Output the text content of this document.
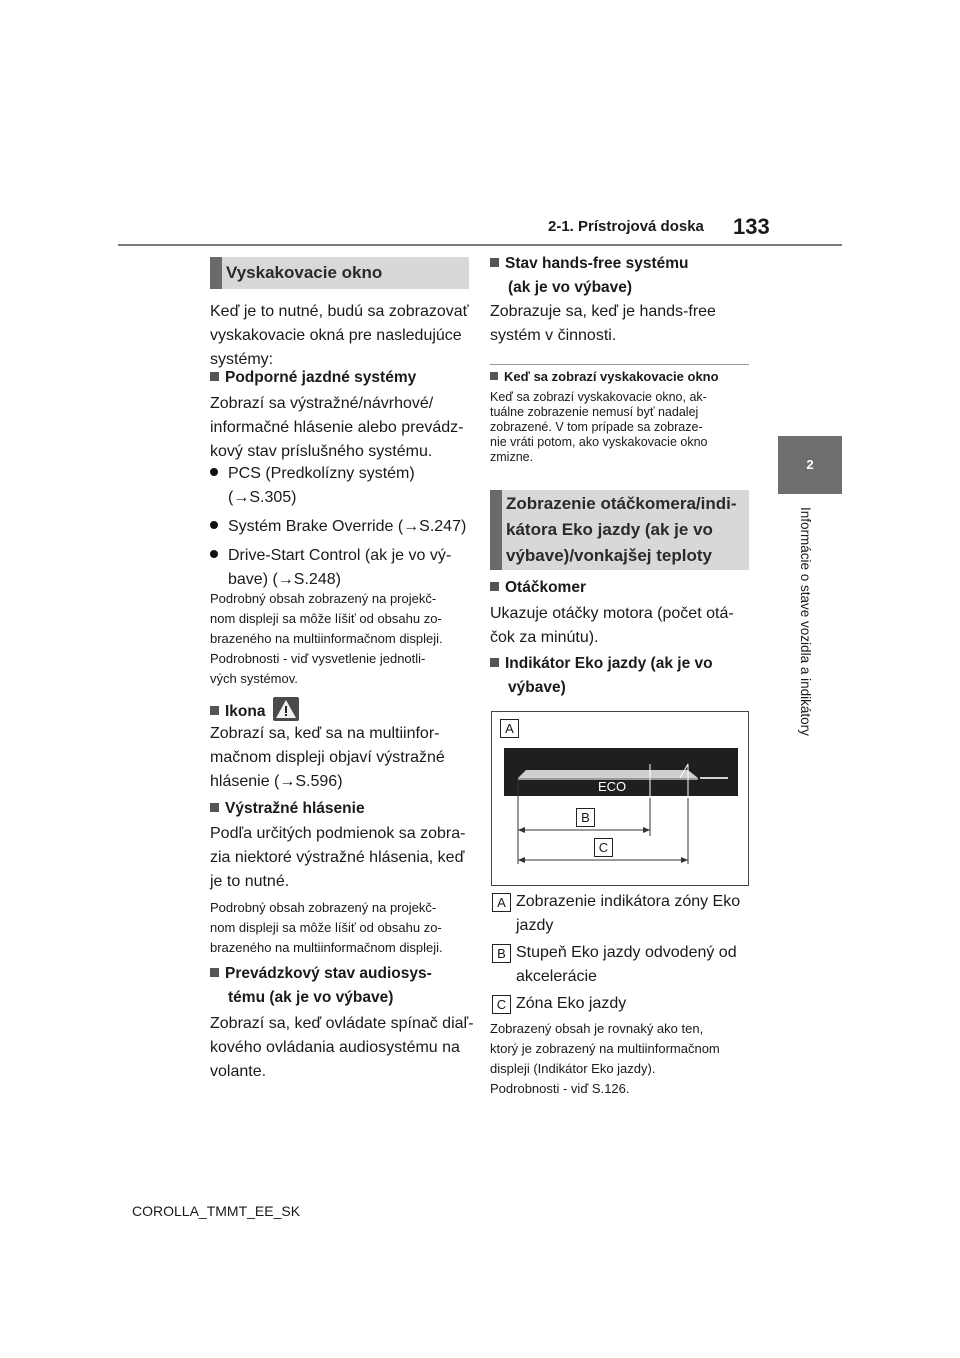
2-1. Prístrojová doska 133
2
Informácie o stave vozidla a indikátory
Vyskakovacie okno
Keď je to nutné, budú sa zobrazovať
vyskakovacie okná pre nasledujúce
systémy:
Podporné jazdné systémy
Zobrazí sa výstražné/návrhové/
informačné hlásenie alebo prevádz-
kový stav príslušného systému.
PCS (Predkolízny systém)
(→S.305)
Systém Brake Override (→S.247)
Drive-Start Control (ak je vo vý-
bave) (→S.248)
Podrobný obsah zobrazený na projekč-
nom displeji sa môže líšiť od obsahu zo-
brazeného na multiinformačnom displeji.
Podrobnosti - viď vysvetlenie jednotli-
vých systémov.
Ikona
Zobrazí sa, keď sa na multiinfor-
mačnom displeji objaví výstražné
hlásenie (→S.596)
Výstražné hlásenie
Podľa určitých podmienok sa zobra-
zia niektoré výstražné hlásenia, keď
je to nutné.
Podrobný obsah zobrazený na projekč-
nom displeji sa môže líšiť od obsahu zo-
brazeného na multiinformačnom displeji.
Prevádzkový stav audiosys-
tému (ak je vo výbave)
Zobrazí sa, keď ovládate spínač diaľ-
kového ovládania audiosystému na
volante.
Stav hands-free systému
(ak je vo výbave)
Zobrazuje sa, keď je hands-free
systém v činnosti.
Keď sa zobrazí vyskakovacie okno
Keď sa zobrazí vyskakovacie okno, ak-
tuálne zobrazenie nemusí byť nadalej
zobrazené. V tom prípade sa zobraze-
nie vráti potom, ako vyskakovacie okno
zmizne.
Zobrazenie otáčkomera/indi-
kátora Eko jazdy (ak je vo
výbave)/vonkajšej teploty
Otáčkomer
Ukazuje otáčky motora (počet otá-
čok za minútu).
Indikátor Eko jazdy (ak je vo
výbave)
ECO
A
B
C
A Zobrazenie indikátora zóny Eko
jazdy
B Stupeň Eko jazdy odvodený od
akcelerácie
C Zóna Eko jazdy
Zobrazený obsah je rovnaký ako ten,
ktorý je zobrazený na multiinformačnom
displeji (Indikátor Eko jazdy).
Podrobnosti - viď S.126.
COROLLA_TMMT_EE_SK
